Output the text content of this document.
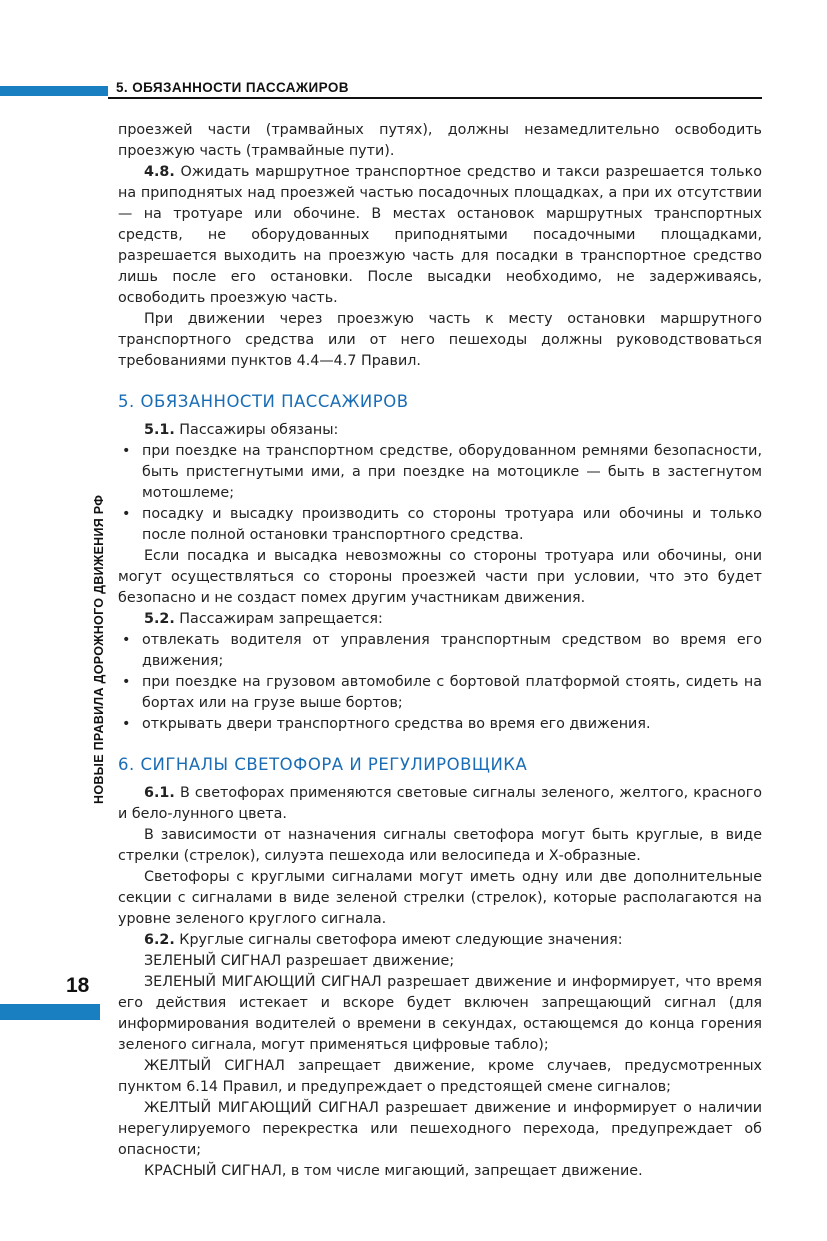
5. ОБЯЗАННОСТИ ПАССАЖИРОВ
НОВЫЕ ПРАВИЛА ДОРОЖНОГО ДВИЖЕНИЯ РФ
18

проезжей части (трамвайных путях), должны незамедлительно освободить проезжую часть (трамвайные пути).

4.8. Ожидать маршрутное транспортное средство и такси разрешается только на приподнятых над проезжей частью посадочных площадках, а при их отсутствии — на тротуаре или обочине. В местах остановок маршрутных транспортных средств, не оборудованных приподнятыми посадочными площадками, разрешается выходить на проезжую часть для посадки в транспортное средство лишь после его остановки. После высадки необходимо, не задерживаясь, освободить проезжую часть.

При движении через проезжую часть к месту остановки маршрутного транспортного средства или от него пешеходы должны руководствоваться требованиями пунктов 4.4—4.7 Правил.

5. ОБЯЗАННОСТИ ПАССАЖИРОВ

5.1. Пассажиры обязаны:

• при поездке на транспортном средстве, оборудованном ремнями безопасности, быть пристегнутыми ими, а при поездке на мотоцикле — быть в застегнутом мотошлеме;
• посадку и высадку производить со стороны тротуара или обочины и только после полной остановки транспортного средства.

Если посадка и высадка невозможны со стороны тротуара или обочины, они могут осуществляться со стороны проезжей части при условии, что это будет безопасно и не создаст помех другим участникам движения.

5.2. Пассажирам запрещается:

• отвлекать водителя от управления транспортным средством во время его движения;
• при поездке на грузовом автомобиле с бортовой платформой стоять, сидеть на бортах или на грузе выше бортов;
• открывать двери транспортного средства во время его движения.

6. СИГНАЛЫ СВЕТОФОРА И РЕГУЛИРОВЩИКА

6.1. В светофорах применяются световые сигналы зеленого, желтого, красного и бело-лунного цвета.

В зависимости от назначения сигналы светофора могут быть круглые, в виде стрелки (стрелок), силуэта пешехода или велосипеда и Х-образные.

Светофоры с круглыми сигналами могут иметь одну или две дополнительные секции с сигналами в виде зеленой стрелки (стрелок), которые располагаются на уровне зеленого круглого сигнала.

6.2. Круглые сигналы светофора имеют следующие значения:

ЗЕЛЕНЫЙ СИГНАЛ разрешает движение;

ЗЕЛЕНЫЙ МИГАЮЩИЙ СИГНАЛ разрешает движение и информирует, что время его действия истекает и вскоре будет включен запрещающий сигнал (для информирования водителей о времени в секундах, остающемся до конца горения зеленого сигнала, могут применяться цифровые табло);

ЖЕЛТЫЙ СИГНАЛ запрещает движение, кроме случаев, предусмотренных пунктом 6.14 Правил, и предупреждает о предстоящей смене сигналов;

ЖЕЛТЫЙ МИГАЮЩИЙ СИГНАЛ разрешает движение и информирует о наличии нерегулируемого перекрестка или пешеходного перехода, предупреждает об опасности;

КРАСНЫЙ СИГНАЛ, в том числе мигающий, запрещает движение.
